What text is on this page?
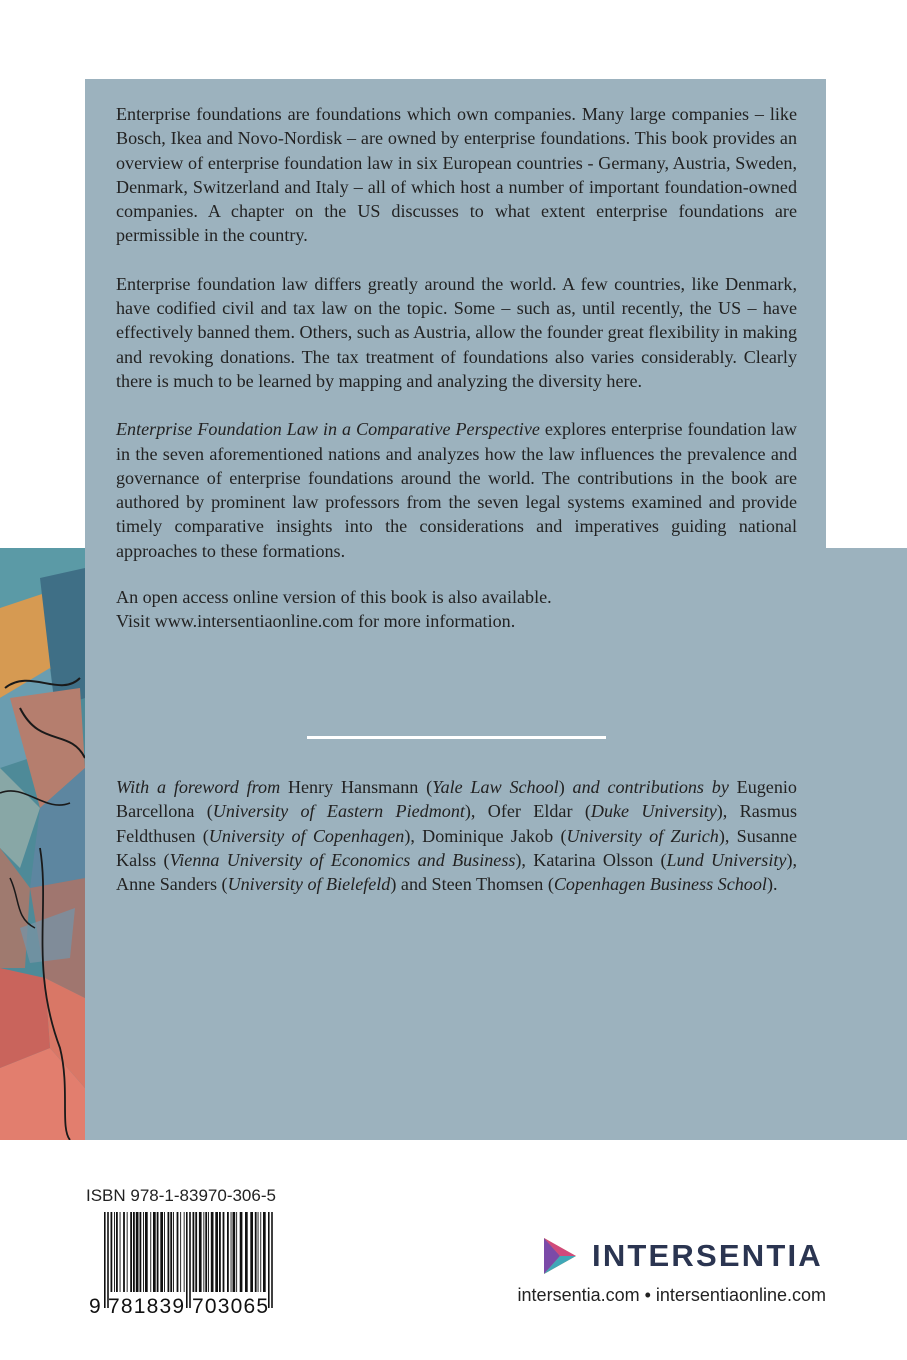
Enterprise foundations are foundations which own companies. Many large companies – like Bosch, Ikea and Novo-Nordisk – are owned by enterprise foundations. This book provides an overview of enterprise foundation law in six European countries - Germany, Austria, Sweden, Denmark, Switzerland and Italy – all of which host a number of important foundation-owned companies. A chapter on the US discusses to what extent enterprise foundations are permissible in the country.

Enterprise foundation law differs greatly around the world. A few countries, like Denmark, have codified civil and tax law on the topic. Some – such as, until recently, the US – have effectively banned them. Others, such as Austria, allow the founder great flexibility in making and revoking donations. The tax treatment of foundations also varies considerably. Clearly there is much to be learned by mapping and analyzing the diversity here.

Enterprise Foundation Law in a Comparative Perspective explores enterprise foundation law in the seven aforementioned nations and analyzes how the law influences the prevalence and governance of enterprise foundations around the world. The contributions in the book are authored by prominent law professors from the seven legal systems examined and provide timely comparative insights into the considerations and imperatives guiding national approaches to these formations.

An open access online version of this book is also available.
Visit www.intersentiaonline.com for more information.

With a foreword from Henry Hansmann (Yale Law School) and contributions by Eugenio Barcellona (University of Eastern Piedmont), Ofer Eldar (Duke University), Rasmus Feldthusen (University of Copenhagen), Dominique Jakob (University of Zurich), Susanne Kalss (Vienna University of Economics and Business), Katarina Olsson (Lund University), Anne Sanders (University of Bielefeld) and Steen Thomsen (Copenhagen Business School).

ISBN 978-1-83970-306-5
9 781839 703065
INTERSENTIA
intersentia.com • intersentiaonline.com
